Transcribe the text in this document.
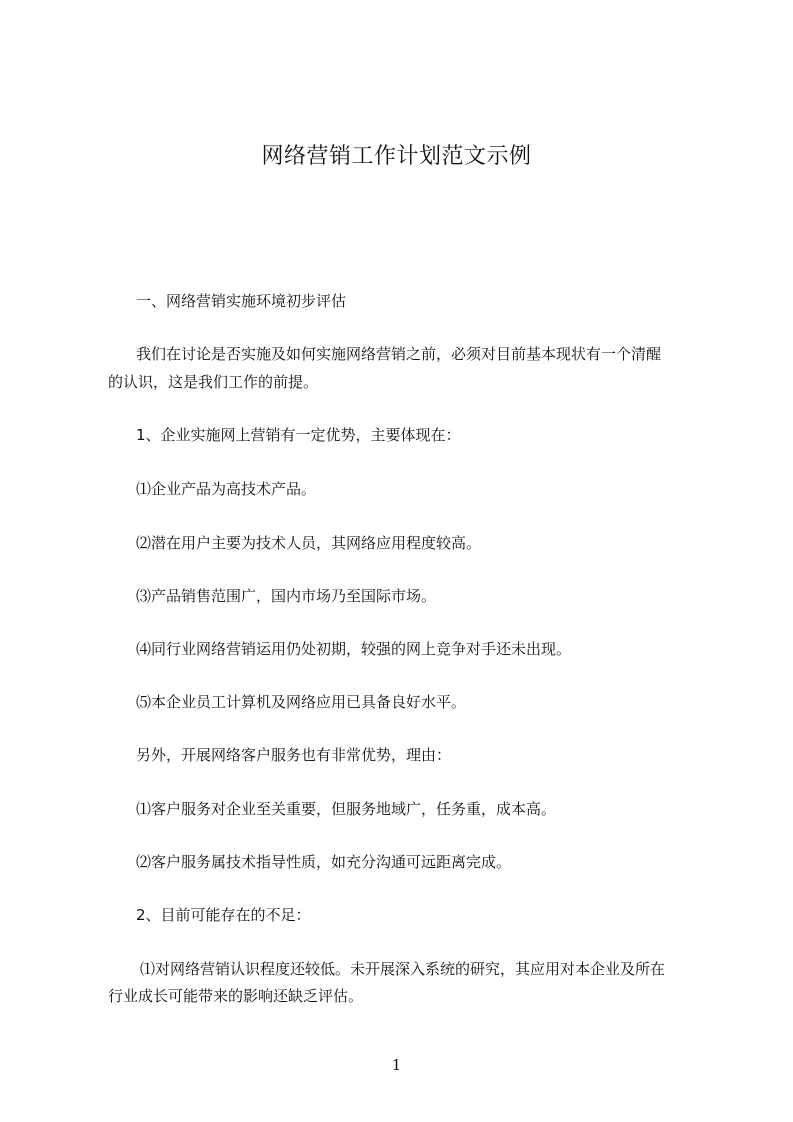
网络营销工作计划范文示例
一、网络营销实施环境初步评估
我们在讨论是否实施及如何实施网络营销之前，必须对目前基本现状有一个清醒
的认识，这是我们工作的前提。
1、企业实施网上营销有一定优势，主要体现在：
⑴企业产品为高技术产品。
⑵潜在用户主要为技术人员，其网络应用程度较高。
⑶产品销售范围广，国内市场乃至国际市场。
⑷同行业网络营销运用仍处初期，较强的网上竞争对手还未出现。
⑸本企业员工计算机及网络应用已具备良好水平。
另外，开展网络客户服务也有非常优势，理由：
⑴客户服务对企业至关重要，但服务地域广，任务重，成本高。
⑵客户服务属技术指导性质，如充分沟通可远距离完成。
2、目前可能存在的不足：
⑴对网络营销认识程度还较低。未开展深入系统的研究，其应用对本企业及所在
行业成长可能带来的影响还缺乏评估。
1
